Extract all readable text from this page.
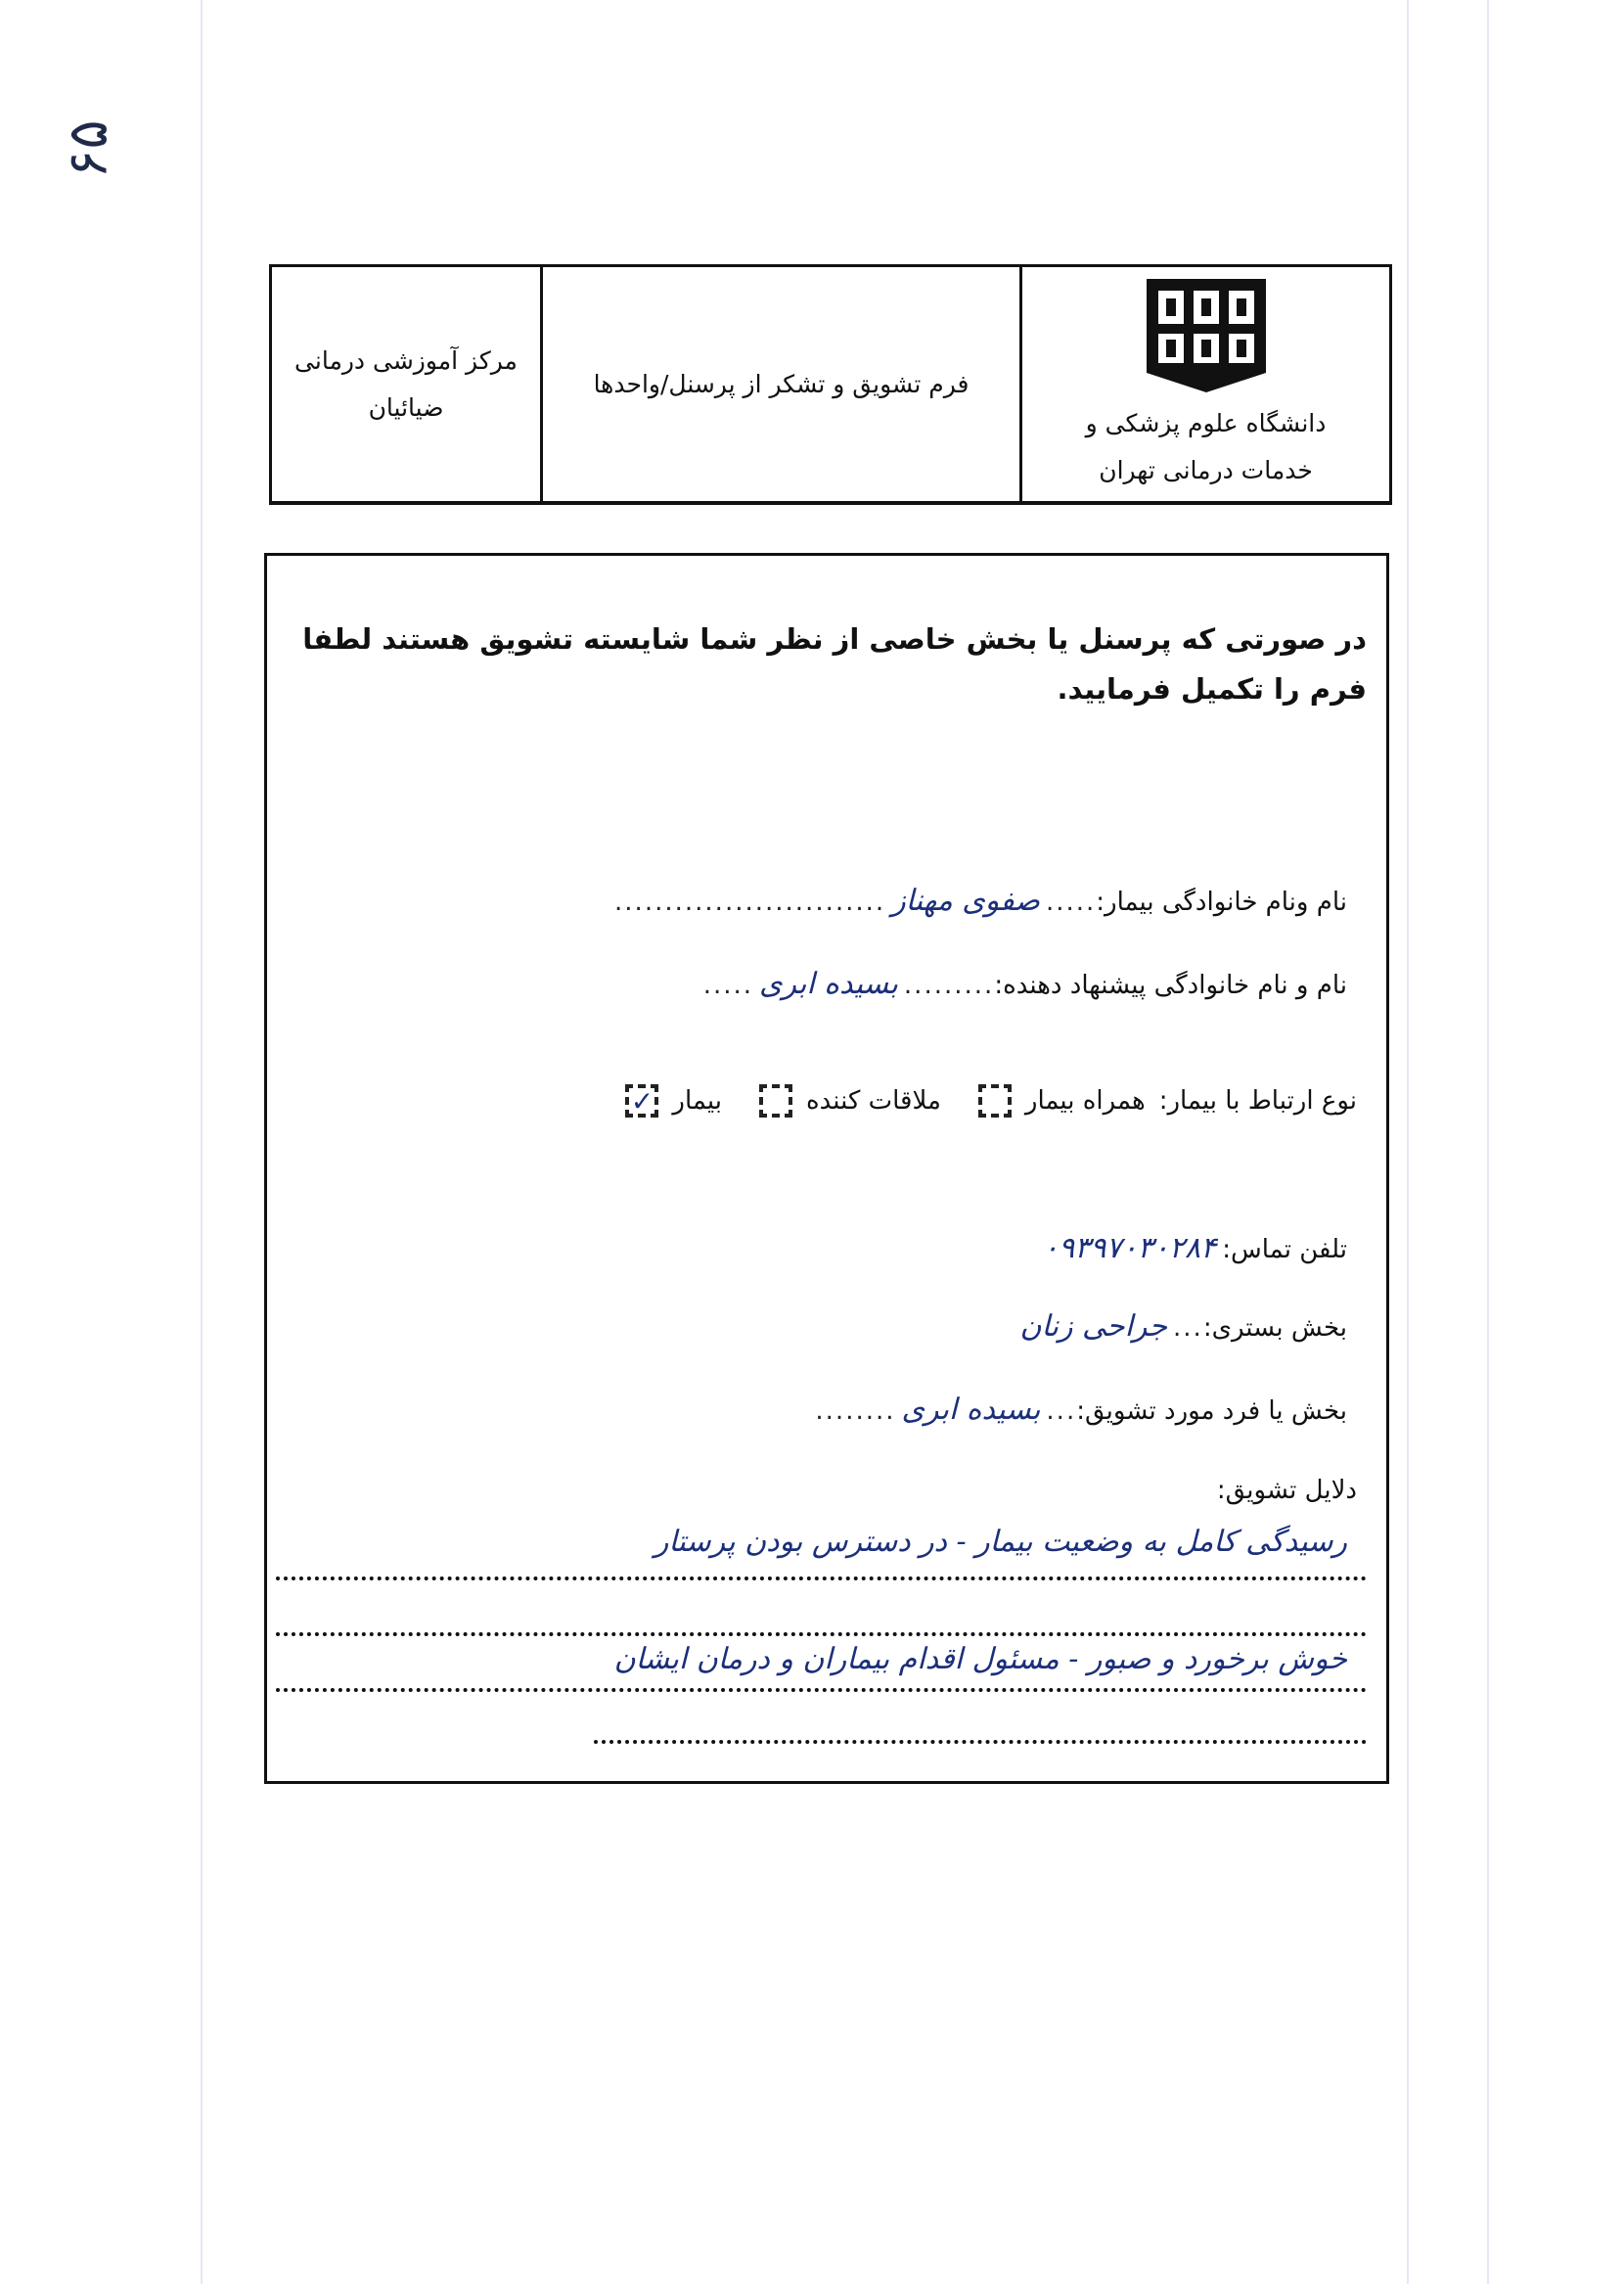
۶۵
دانشگاه علوم پزشکی و
خدمات درمانی تهران
فرم تشویق و تشکر از پرسنل/واحدها
مرکز آموزشی درمانی
ضیائیان
در صورتی که پرسنل یا بخش خاصی از نظر شما شایسته تشویق هستند لطفا فرم را تکمیل فرمایید.
نام ونام خانوادگی بیمار:
.....
صفوی مهناز
...........................
نام و نام خانوادگی پیشنهاد دهنده:
.........
بسیده ابری
.....
نوع ارتباط با بیمار:
همراه بیمار
ملاقات کننده
بیمار
✓
تلفن تماس:
۰۹۳۹۷۰۳۰۲۸۴
بخش بستری:
...
جراحی زنان
بخش یا فرد مورد تشویق:
...
بسیده ابری
........
دلایل تشویق:
رسیدگی کامل به وضعیت بیمار - در دسترس بودن پرستار
خوش برخورد و صبور - مسئول اقدام بیماران و درمان ایشان
